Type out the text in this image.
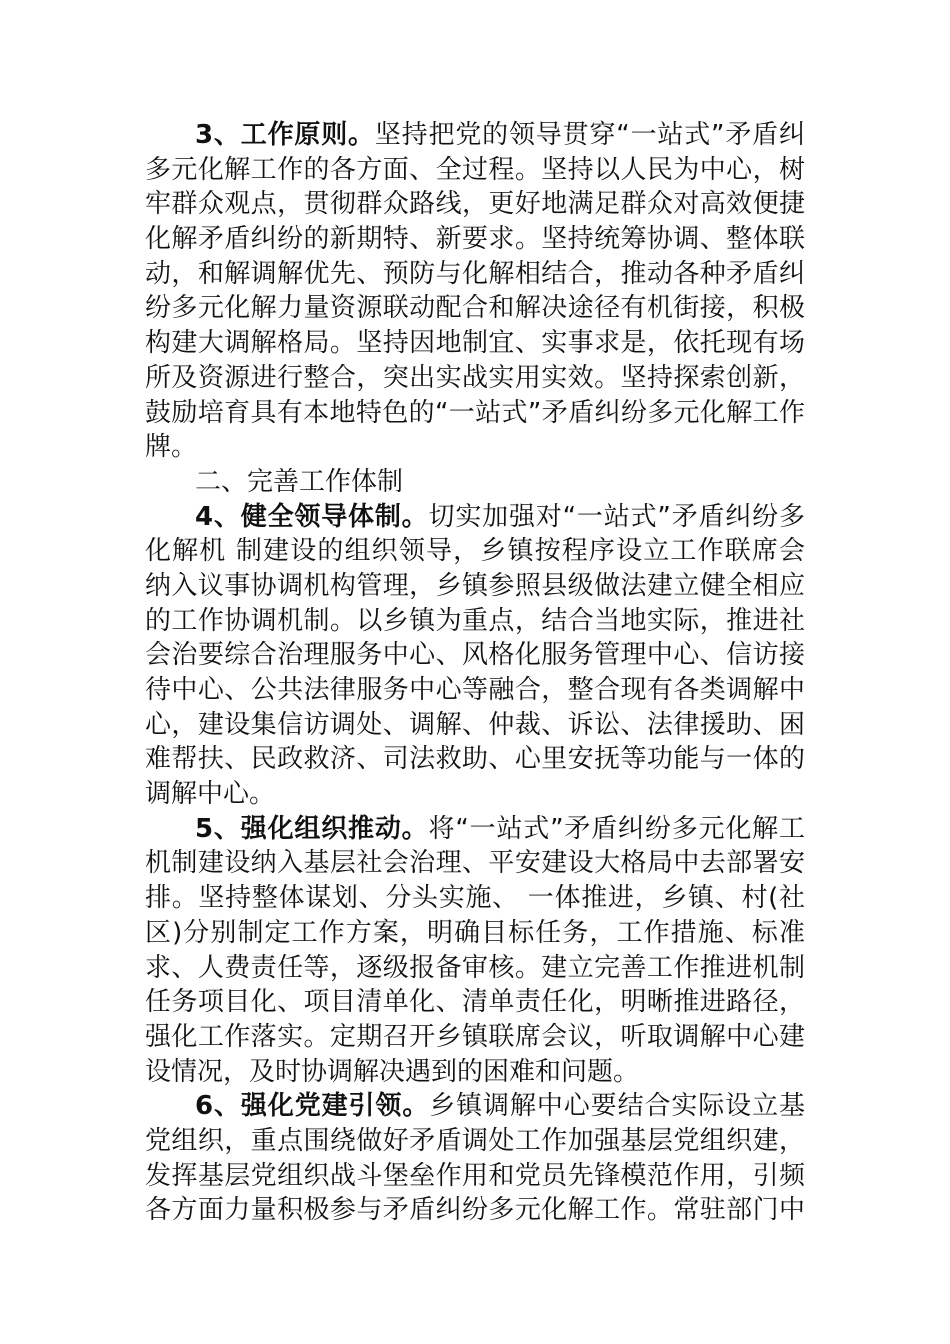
3、工作原则。坚持把党的领导贯穿“一站式”矛盾纠
多元化解工作的各方面、全过程。坚持以人民为中心，树
牢群众观点，贯彻群众路线，更好地满足群众对高效便捷
化解矛盾纠纷的新期特、新要求。坚持统筹协调、整体联
动，和解调解优先、预防与化解相结合，推动各种矛盾纠
纷多元化解力量资源联动配合和解决途径有机街接，积极
构建大调解格局。坚持因地制宜、实事求是，依托现有场
所及资源进行整合，突出实战实用实效。坚持探索创新，
鼓励培育具有本地特色的“一站式”矛盾纠纷多元化解工作
牌。
二、完善工作体制
4、健全领导体制。切实加强对“一站式”矛盾纠纷多
化解机 制建设的组织领导，乡镇按程序设立工作联席会
纳入议事协调机构管理，乡镇参照县级做法建立健全相应
的工作协调机制。以乡镇为重点，结合当地实际，推进社
会治要综合治理服务中心、风格化服务管理中心、信访接
待中心、公共法律服务中心等融合，整合现有各类调解中
心，建设集信访调处、调解、仲裁、诉讼、法律援助、困
难帮扶、民政救济、司法救助、心里安抚等功能与一体的
调解中心。
5、强化组织推动。将“一站式”矛盾纠纷多元化解工
机制建设纳入基层社会治理、平安建设大格局中去部署安
排。坚持整体谋划、分头实施、 一体推进，乡镇、村(社
区)分别制定工作方案，明确目标任务，工作措施、标准
求、人费责任等，逐级报备审核。建立完善工作推进机制
任务项目化、项目清单化、清单责任化，明晰推进路径，
强化工作落实。定期召开乡镇联席会议，听取调解中心建
设情况，及时协调解决遇到的困难和问题。
6、强化党建引领。乡镇调解中心要结合实际设立基
党组织，重点围绕做好矛盾调处工作加强基层党组织建，
发挥基层党组织战斗堡垒作用和党员先锋模范作用，引频
各方面力量积极参与矛盾纠纷多元化解工作。常驻部门中
